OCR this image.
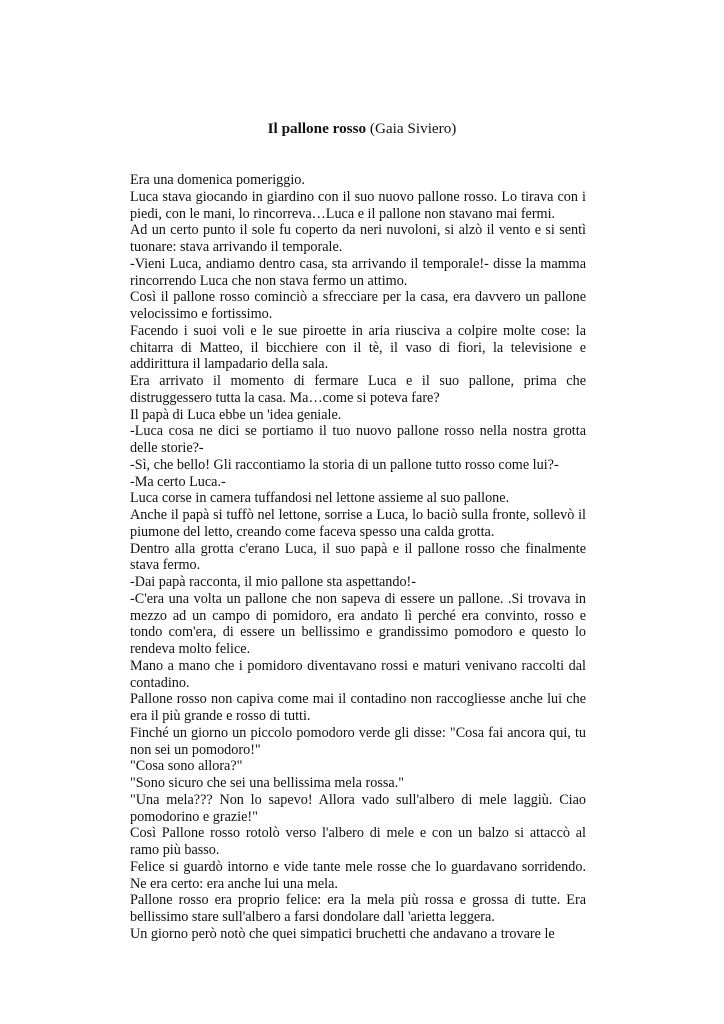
Il pallone rosso (Gaia Siviero)

Era una domenica pomeriggio.

Luca stava giocando in giardino con il suo nuovo pallone rosso. Lo tirava con i piedi, con le mani, lo rincorreva…Luca e il pallone non stavano mai fermi.

Ad un certo punto il sole fu coperto da neri nuvoloni, si alzò il vento e si sentì tuonare: stava arrivando il temporale.

-Vieni Luca, andiamo dentro casa, sta arrivando il temporale!- disse la mamma rincorrendo Luca che non stava fermo un attimo.

Così il pallone rosso cominciò a sfrecciare per la casa, era davvero un pallone velocissimo e fortissimo.

Facendo i suoi voli e le sue piroette in aria riusciva a colpire molte cose: la chitarra di Matteo, il bicchiere con il tè, il vaso di fiori, la televisione e addirittura il lampadario della sala.

Era arrivato il momento di fermare Luca e il suo pallone, prima che distruggessero tutta la casa. Ma…come si poteva fare?

Il papà di Luca ebbe un 'idea geniale.

-Luca cosa ne dici se portiamo il tuo nuovo pallone rosso nella nostra grotta delle storie?-

-Sì, che bello! Gli raccontiamo la storia di un pallone tutto rosso come lui?-

-Ma certo Luca.-

Luca corse in camera tuffandosi nel lettone assieme al suo pallone.

Anche il papà si tuffò nel lettone, sorrise a Luca, lo baciò sulla fronte, sollevò il piumone del letto, creando come faceva spesso una calda grotta.

Dentro alla grotta c'erano Luca, il suo papà e il pallone rosso che finalmente stava fermo.

-Dai papà racconta, il mio pallone sta aspettando!-

-C'era una volta un pallone che non sapeva di essere un pallone. .Si trovava in mezzo ad un campo di pomidoro, era andato lì perché era convinto, rosso e tondo com'era, di essere un bellissimo e grandissimo pomodoro e questo lo rendeva molto felice.

Mano a mano che i pomidoro diventavano rossi e maturi venivano raccolti dal contadino.

Pallone rosso non capiva come mai il contadino non raccogliesse anche lui che era il più grande e rosso di tutti.

Finché un giorno un piccolo pomodoro verde gli disse: "Cosa fai ancora qui, tu non sei un pomodoro!"

"Cosa sono allora?"

"Sono sicuro che sei una bellissima mela rossa."

"Una mela??? Non lo sapevo! Allora vado sull'albero di mele laggiù. Ciao pomodorino e grazie!"

Così Pallone rosso rotolò verso l'albero di mele e con un balzo si attaccò al ramo più basso.

Felice si guardò intorno e vide tante mele rosse che lo guardavano sorridendo. Ne era certo: era anche lui una mela.

Pallone rosso era proprio felice: era la mela più rossa e grossa di tutte. Era bellissimo stare sull'albero a farsi dondolare dall 'arietta leggera.

Un giorno però notò che quei simpatici bruchetti che andavano a trovare le
